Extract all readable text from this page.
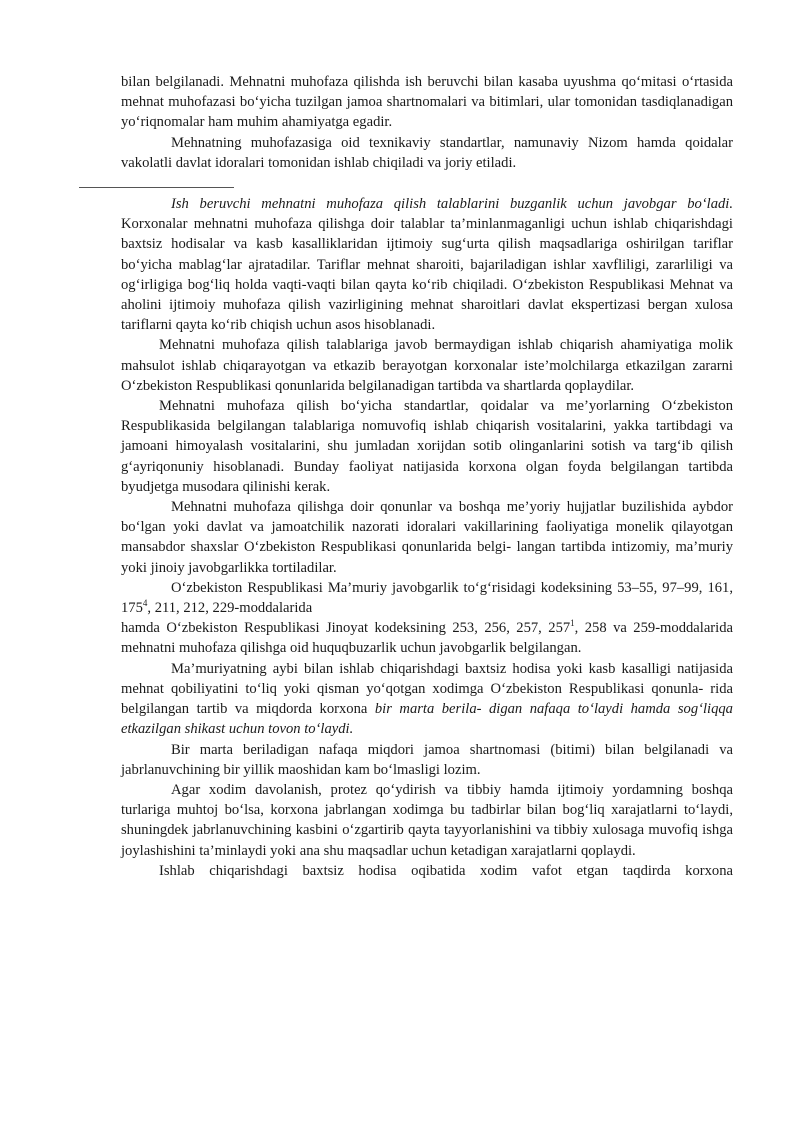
bilan belgilanadi. Mehnatni muhofaza qilishda ish beruvchi bilan kasaba uyushma qo‘mitasi o‘rtasida mehnat muhofazasi bo‘yicha tuzilgan jamoa shartnomalari va bitimlari, ular tomonidan tasdiqlanadigan yo‘riqnomalar ham muhim ahamiyatga egadir.

Mehnatning muhofazasiga oid texnikaviy standartlar, namunaviy Nizom hamda qoidalar vakolatli davlat idoralari tomonidan ishlab chiqiladi va joriy etiladi.

Ish beruvchi mehnatni muhofaza qilish talablarini buzganlik uchun javobgar bo‘ladi. Korxonalar mehnatni muhofaza qilishga doir talablar ta’minlanmaganligi uchun ishlab chiqarishdagi baxtsiz hodisalar va kasb kasalliklaridan ijtimoiy sug‘urta qilish maqsadlariga oshirilgan tariflar bo‘yicha mablag‘lar ajratadilar. Tariflar mehnat sharoiti, bajariladigan ishlar xavfliligi, zararliligi va og‘irligiga bog‘liq holda vaqti-vaqti bilan qayta ko‘rib chiqiladi. O‘zbekiston Respublikasi Mehnat va aholini ijtimoiy muhofaza qilish vazirligining mehnat sharoitlari davlat ekspertizasi bergan xulosa tariflarni qayta ko‘rib chiqish uchun asos hisoblanadi.

Mehnatni muhofaza qilish talablariga javob bermaydigan ishlab chiqarish ahamiyatiga molik mahsulot ishlab chiqarayotgan va etkazib berayotgan korxonalar iste’molchilarga etkazilgan zararni O‘zbekiston Respublikasi qonunlarida belgilanadigan tartibda va shartlarda qoplaydilar.

Mehnatni muhofaza qilish bo‘yicha standartlar, qoidalar va me’yorlarning O‘zbekiston Respublikasida belgilangan talablariga nomuvofiq ishlab chiqarish vositalarini, yakka tartibdagi va jamoani himoyalash vositalarini, shu jumladan xorijdan sotib olinganlarini sotish va targ‘ib qilish g‘ayriqonuniy hisoblanadi. Bunday faoliyat natijasida korxona olgan foyda belgilangan tartibda byudjetga musodara qilinishi kerak.

Mehnatni muhofaza qilishga doir qonunlar va boshqa me’yoriy hujjatlar buzilishida aybdor bo‘lgan yoki davlat va jamoatchilik nazorati idoralari vakillarining faoliyatiga monelik qilayotgan mansabdor shaxslar O‘zbekiston Respublikasi qonunlarida belgi- langan tartibda intizomiy, ma’muriy yoki jinoiy javobgarlikka tortiladilar.

O‘zbekiston Respublikasi Ma’muriy javobgarlik to‘g‘risidagi kodeksining 53–55, 97–99, 161, $175^4$, 211, 212, 229-moddalarida

hamda O‘zbekiston Respublikasi Jinoyat kodeksining 253, 256, 257, $257^1$, 258 va 259-moddalarida mehnatni muhofaza qilishga oid huquqbuzarlik uchun javobgarlik belgilangan.

Ma’muriyatning aybi bilan ishlab chiqarishdagi baxtsiz hodisa yoki kasb kasalligi natijasida mehnat qobiliyatini to‘liq yoki qisman yo‘qotgan xodimga O‘zbekiston Respublikasi qonunla- rida belgilangan tartib va miqdorda korxona bir marta berila- digan nafaqa to‘laydi hamda sog‘liqqa etkazilgan shikast uchun tovon to‘laydi.

Bir marta beriladigan nafaqa miqdori jamoa shartnomasi (bitimi) bilan belgilanadi va jabrlanuvchining bir yillik maoshidan kam bo‘lmasligi lozim.

Agar xodim davolanish, protez qo‘ydirish va tibbiy hamda ijtimoiy yordamning boshqa turlariga muhtoj bo‘lsa, korxona jabrlangan xodimga bu tadbirlar bilan bog‘liq xarajatlarni to‘laydi, shuningdek jabrlanuvchining kasbini o‘zgartirib qayta tayyorlanishini va tibbiy xulosaga muvofiq ishga joylashishini ta’minlaydi yoki ana shu maqsadlar uchun ketadigan xarajatlarni qoplaydi.

Ishlab chiqarishdagi baxtsiz hodisa oqibatida xodim vafot etgan taqdirda korxona
